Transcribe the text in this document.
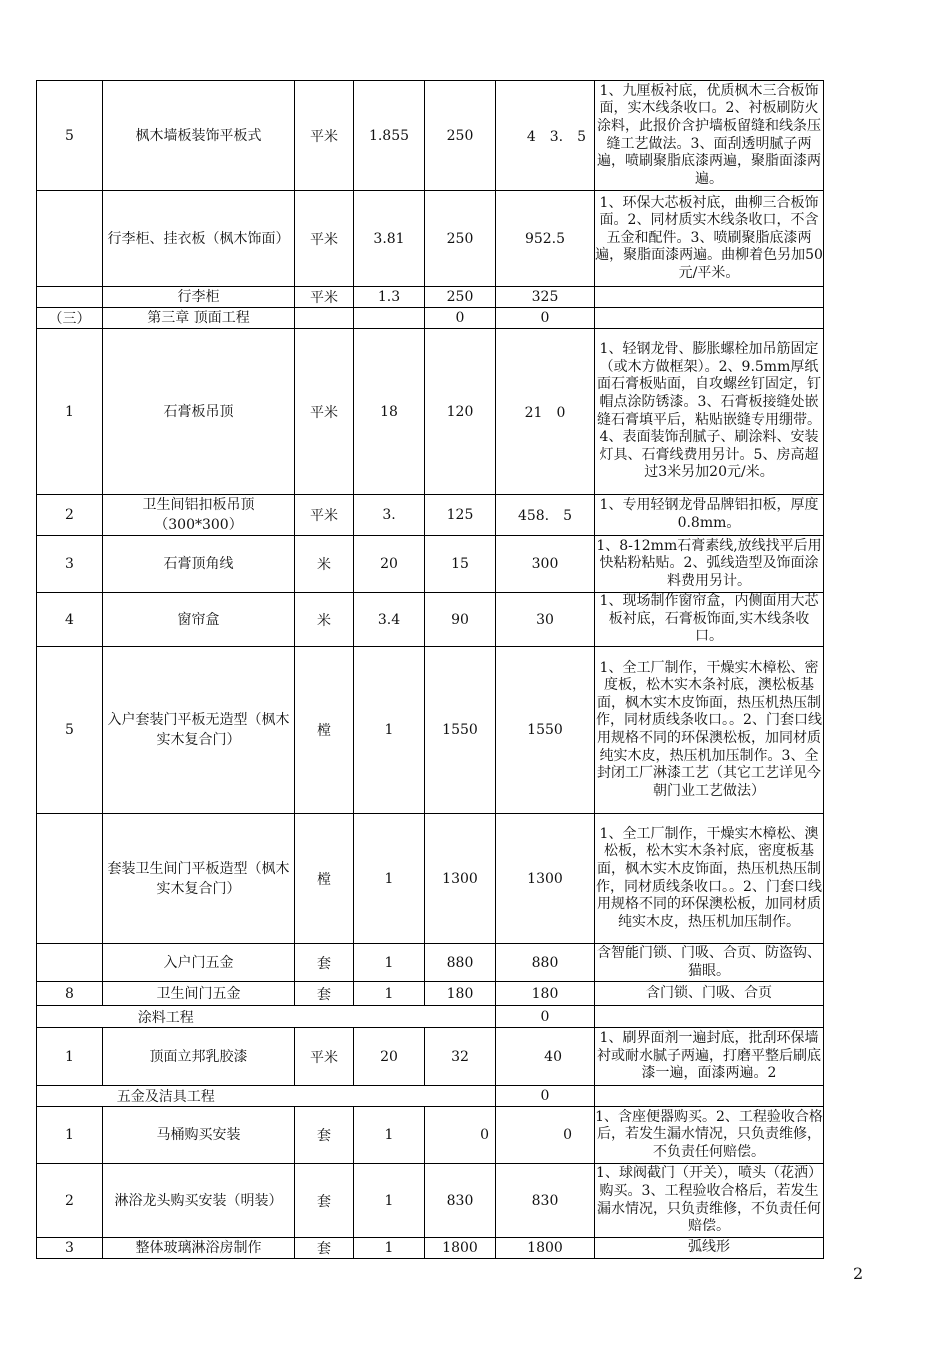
5	枫木墙板装饰平板式	平米	1.855	250	4　3.　5	1、九厘板衬底，优质枫木三合板饰面，实木线条收口。2、衬板刷防火涂料，此报价含护墙板留缝和线条压缝工艺做法。3、面刮透明腻子两遍，喷刷聚脂底漆两遍，聚脂面漆两遍。
	行李柜、挂衣板（枫木饰面）	平米	3.81	250	952.5	1、环保大芯板衬底，曲柳三合板饰面。2、同材质实木线条收口，不含五金和配件。3、喷刷聚脂底漆两遍，聚脂面漆两遍。曲柳着色另加50元/平米。
	行李柜	平米	1.3	250	325	
（三）	第三章 顶面工程			0	0	
1	石膏板吊顶	平米	18	120	21　0	1、轻钢龙骨、膨胀螺栓加吊筋固定（或木方做框架）。2、9.5mm厚纸面石膏板贴面，自攻螺丝钉固定，钉帽点涂防锈漆。3、石膏板接缝处嵌缝石膏填平后，粘贴嵌缝专用绷带。4、表面装饰刮腻子、刷涂料、安装灯具、石膏线费用另计。5、房高超过3米另加20元/米。
2	卫生间铝扣板吊顶（300*300）	平米	3.	125	458.　5	1、专用轻钢龙骨品牌铝扣板，厚度0.8mm。
3	石膏顶角线	米	20	15	300	1、8-12mm石膏素线,放线找平后用快粘粉粘贴。2、弧线造型及饰面涂料费用另计。
4	窗帘盒	米	3.4	90	30	1、现场制作窗帘盒，内侧面用大芯板衬底，石膏板饰面,实木线条收口。
5	入户套装门平板无造型（枫木实木复合门）	樘	1	1550	1550	1、全工厂制作，干燥实木樟松、密度板，松木实木条衬底，澳松板基面，枫木实木皮饰面，热压机热压制作，同材质线条收口。。2、门套口线用规格不同的环保澳松板，加同材质纯实木皮，热压机加压制作。3、全封闭工厂淋漆工艺（其它工艺详见今朝门业工艺做法）
	套装卫生间门平板造型（枫木实木复合门）	樘	1	1300	1300	1、全工厂制作，干燥实木樟松、澳松板，松木实木条衬底，密度板基面，枫木实木皮饰面，热压机热压制作，同材质线条收口。。2、门套口线用规格不同的环保澳松板，加同材质纯实木皮，热压机加压制作。
	入户门五金	套	1	880	880	含智能门锁、门吸、合页、防盗钩、猫眼。
8	卫生间门五金	套	1	180	180	含门锁、门吸、合页
涂料工程					0	
1	顶面立邦乳胶漆	平米	20	32	40	1、刷界面剂一遍封底，批刮环保墙衬或耐水腻子两遍，打磨平整后刷底漆一遍，面漆两遍。2
五金及洁具工程					0	
1	马桶购买安装	套	1	0	0	1、含座便器购买。2、工程验收合格后，若发生漏水情况，只负责维修，不负责任何赔偿。
2	淋浴龙头购买安装（明装）	套	1	830	830	1、球阀截门（开关），喷头（花洒）购买。3、工程验收合格后，若发生漏水情况，只负责维修，不负责任何赔偿。
3	整体玻璃淋浴房制作	套	1	1800	1800	弧线形
2
